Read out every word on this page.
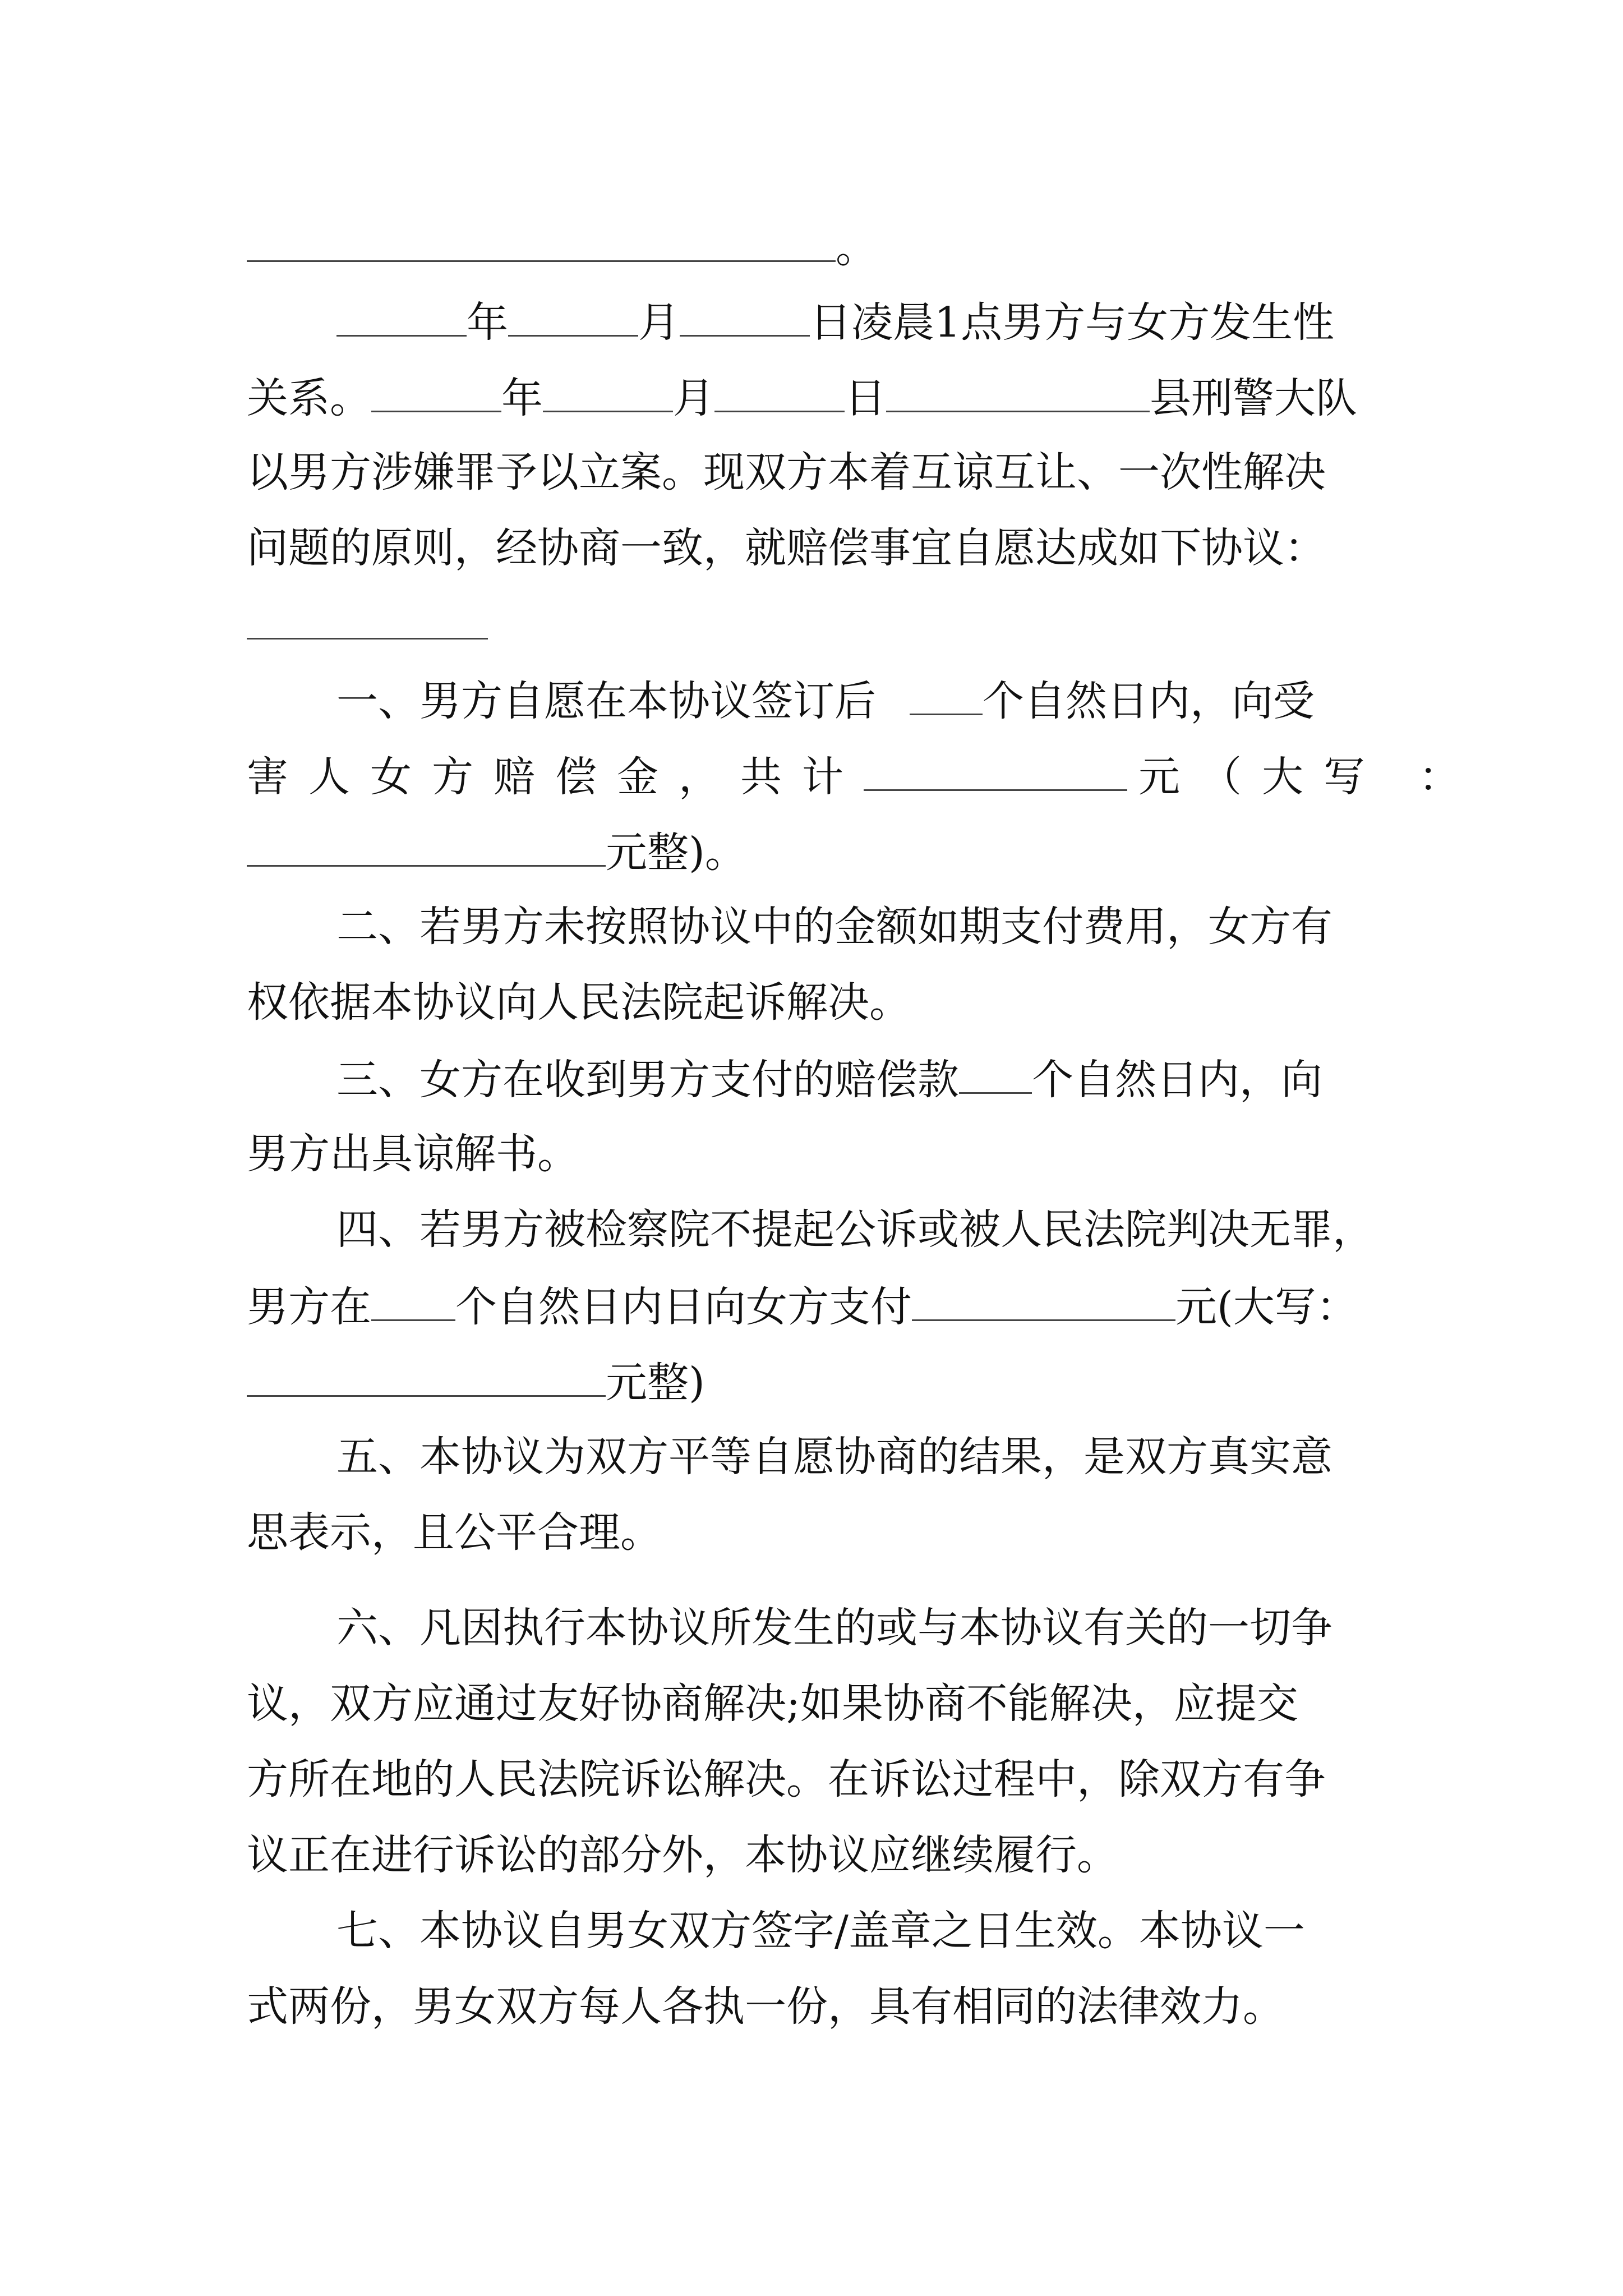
。
年	月	日凌晨1点男方与女方发生性
关系。	年	月	日	县刑警大队
以男方涉嫌罪予以立案。现双方本着互谅互让、一次性解决
问题的原则，经协商一致，就赔偿事宜自愿达成如下协议：
一、男方自愿在本协议签订后	个自然日内，向受
害人女方赔偿金，共计	元（大写 ：
元整)。
二、若男方未按照协议中的金额如期支付费用，女方有
权依据本协议向人民法院起诉解决。
三、女方在收到男方支付的赔偿款 个自然日内，向
男方出具谅解书。
四、若男方被检察院不提起公诉或被人民法院判决无罪，
男方在 个自然日内日向女方支付	元(大写：
元整)
五、本协议为双方平等自愿协商的结果，是双方真实意
思表示，且公平合理。
六、凡因执行本协议所发生的或与本协议有关的一切争
议，双方应通过友好协商解决;如果协商不能解决，应提交
方所在地的人民法院诉讼解决。在诉讼过程中，除双方有争
议正在进行诉讼的部分外，本协议应继续履行。
七、本协议自男女双方签字/盖章之日生效。本协议一
式两份，男女双方每人各执一份，具有相同的法律效力。
